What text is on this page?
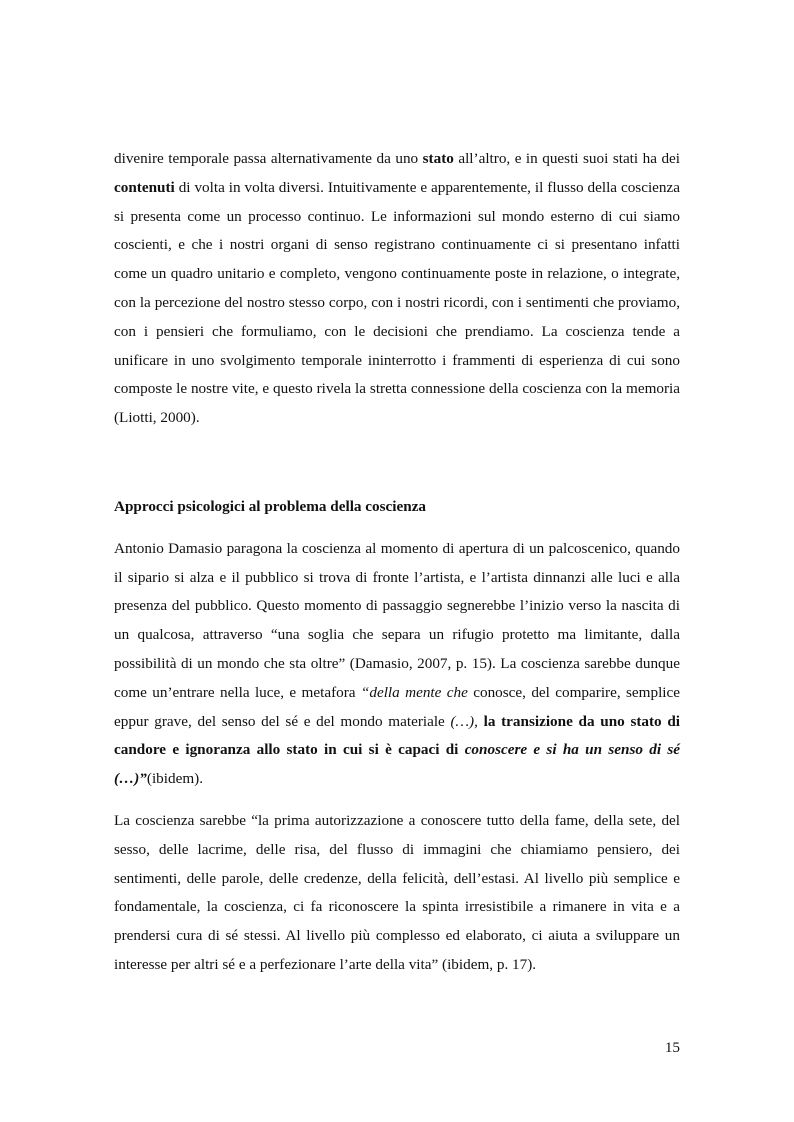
divenire temporale passa alternativamente da uno stato all’altro, e in questi suoi stati ha dei contenuti di volta in volta diversi. Intuitivamente e apparentemente, il flusso della coscienza si presenta come un processo continuo. Le informazioni sul mondo esterno di cui siamo coscienti, e che i nostri organi di senso registrano continuamente ci si presentano infatti come un quadro unitario e completo, vengono continuamente poste in relazione, o integrate, con la percezione del nostro stesso corpo, con i nostri ricordi, con i sentimenti che proviamo, con i pensieri che formuliamo, con le decisioni che prendiamo. La coscienza tende a unificare in uno svolgimento temporale ininterrotto i frammenti di esperienza di cui sono composte le nostre vite, e questo rivela la stretta connessione della coscienza con la memoria (Liotti, 2000).

Approcci psicologici al problema della coscienza

Antonio Damasio paragona la coscienza al momento di apertura di un palcoscenico, quando il sipario si alza e il pubblico si trova di fronte l’artista, e l’artista dinnanzi alle luci e alla presenza del pubblico. Questo momento di passaggio segnerebbe l’inizio verso la nascita di un qualcosa, attraverso “una soglia che separa un rifugio protetto ma limitante, dalla possibilità di un mondo che sta oltre” (Damasio, 2007, p. 15). La coscienza sarebbe dunque come un’entrare nella luce, e metafora “della mente che conosce, del comparire, semplice eppur grave, del senso del sé e del mondo materiale (…), la transizione da uno stato di candore e ignoranza allo stato in cui si è capaci di conoscere e si ha un senso di sé (…)”(ibidem).

La coscienza sarebbe “la prima autorizzazione a conoscere tutto della fame, della sete, del sesso, delle lacrime, delle risa, del flusso di immagini che chiamiamo pensiero, dei sentimenti, delle parole, delle credenze, della felicità, dell’estasi. Al livello più semplice e fondamentale, la coscienza, ci fa riconoscere la spinta irresistibile a rimanere in vita e a prendersi cura di sé stessi. Al livello più complesso ed elaborato, ci aiuta a sviluppare un interesse per altri sé e a perfezionare l’arte della vita” (ibidem, p. 17).

15
